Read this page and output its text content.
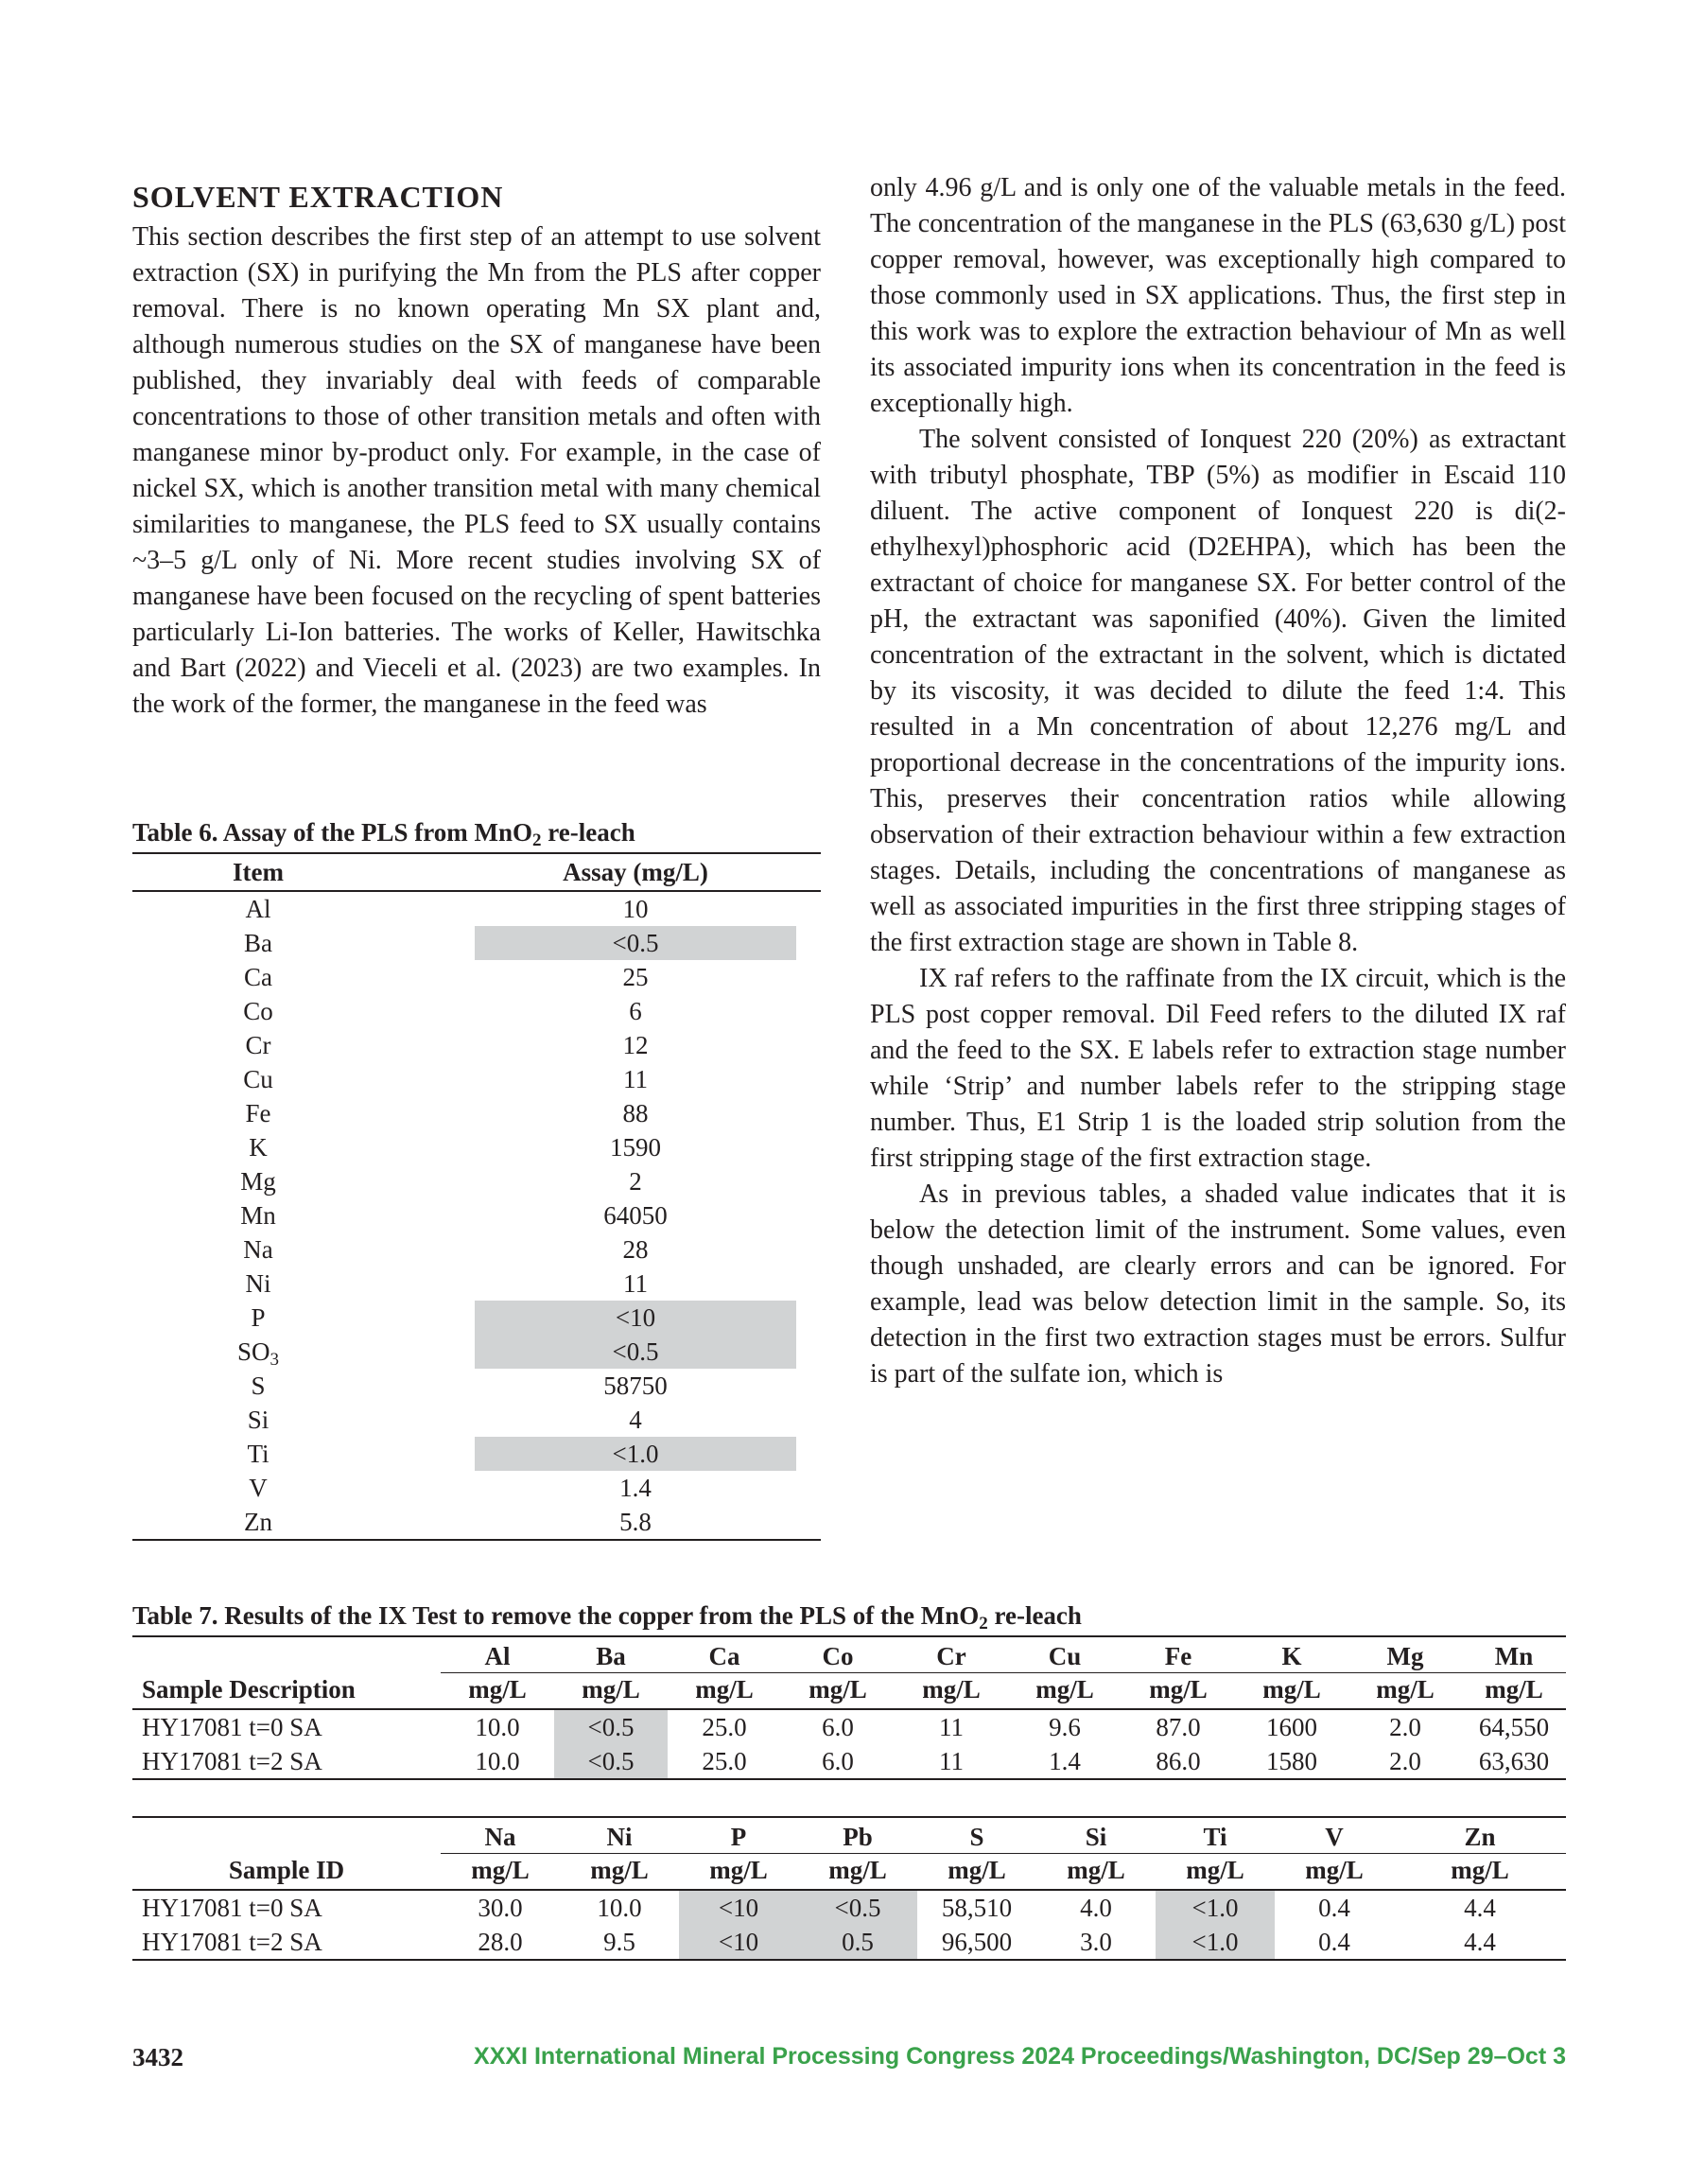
SOLVENT EXTRACTION

This section describes the first step of an attempt to use solvent extraction (SX) in purifying the Mn from the PLS after copper removal. There is no known operating Mn SX plant and, although numerous studies on the SX of manganese have been published, they invariably deal with feeds of comparable concentrations to those of other transition metals and often with manganese minor by-product only. For example, in the case of nickel SX, which is another transition metal with many chemical similarities to manganese, the PLS feed to SX usually contains ~3–5 g/L only of Ni. More recent studies involving SX of manganese have been focused on the recycling of spent batteries particularly Li-Ion batteries. The works of Keller, Hawitschka and Bart (2022) and Vieceli et al. (2023) are two examples. In the work of the former, the manganese in the feed was

only 4.96 g/L and is only one of the valuable metals in the feed. The concentration of the manganese in the PLS (63,630 g/L) post copper removal, however, was exceptionally high compared to those commonly used in SX applications. Thus, the first step in this work was to explore the extraction behaviour of Mn as well its associated impurity ions when its concentration in the feed is exceptionally high.

The solvent consisted of Ionquest 220 (20%) as extractant with tributyl phosphate, TBP (5%) as modifier in Escaid 110 diluent. The active component of Ionquest 220 is di(2-ethylhexyl)phosphoric acid (D2EHPA), which has been the extractant of choice for manganese SX. For better control of the pH, the extractant was saponified (40%). Given the limited concentration of the extractant in the solvent, which is dictated by its viscosity, it was decided to dilute the feed 1:4. This resulted in a Mn concentration of about 12,276 mg/L and proportional decrease in the concentrations of the impurity ions. This, preserves their concentration ratios while allowing observation of their extraction behaviour within a few extraction stages. Details, including the concentrations of manganese as well as associated impurities in the first three stripping stages of the first extraction stage are shown in Table 8.

IX raf refers to the raffinate from the IX circuit, which is the PLS post copper removal. Dil Feed refers to the diluted IX raf and the feed to the SX. E labels refer to extraction stage number while ‘Strip’ and number labels refer to the stripping stage number. Thus, E1 Strip 1 is the loaded strip solution from the first stripping stage of the first extraction stage.

As in previous tables, a shaded value indicates that it is below the detection limit of the instrument. Some values, even though unshaded, are clearly errors and can be ignored. For example, lead was below detection limit in the sample. So, its detection in the first two extraction stages must be errors. Sulfur is part of the sulfate ion, which is

Table 6. Assay of the PLS from MnO$_2$ re-leach
Item		Assay (mg/L)	
Al		10	
Ba		<0.5	
Ca		25	
Co		6	
Cr		12	
Cu		11	
Fe		88	
K		1590	
Mg		2	
Mn		64050	
Na		28	
Ni		11	
P		<10	
$SO_3$		<0.5	
S		58750	
Si		4	
Ti		<1.0	
V		1.4	
Zn		5.8	
Table 7. Results of the IX Test to remove the copper from the PLS of the MnO$_2$ re-leach
	Al	Ba	Ca	Co	Cr	Cu	Fe	K	Mg	Mn
Sample Description	mg/L	mg/L	mg/L	mg/L	mg/L	mg/L	mg/L	mg/L	mg/L	mg/L
HY17081 t=0 SA	10.0	<0.5	25.0	6.0	11	9.6	87.0	1600	2.0	64,550
HY17081 t=2 SA	10.0	<0.5	25.0	6.0	11	1.4	86.0	1580	2.0	63,630
	Na	Ni	P	Pb	S	Si	Ti	V	Zn
Sample ID	mg/L	mg/L	mg/L	mg/L	mg/L	mg/L	mg/L	mg/L	mg/L
HY17081 t=0 SA	30.0	10.0	<10	<0.5	58,510	4.0	<1.0	0.4	4.4
HY17081 t=2 SA	28.0	9.5	<10	0.5	96,500	3.0	<1.0	0.4	4.4
3432	XXXI International Mineral Processing Congress 2024 Proceedings/Washington, DC/Sep 29–Oct 3
